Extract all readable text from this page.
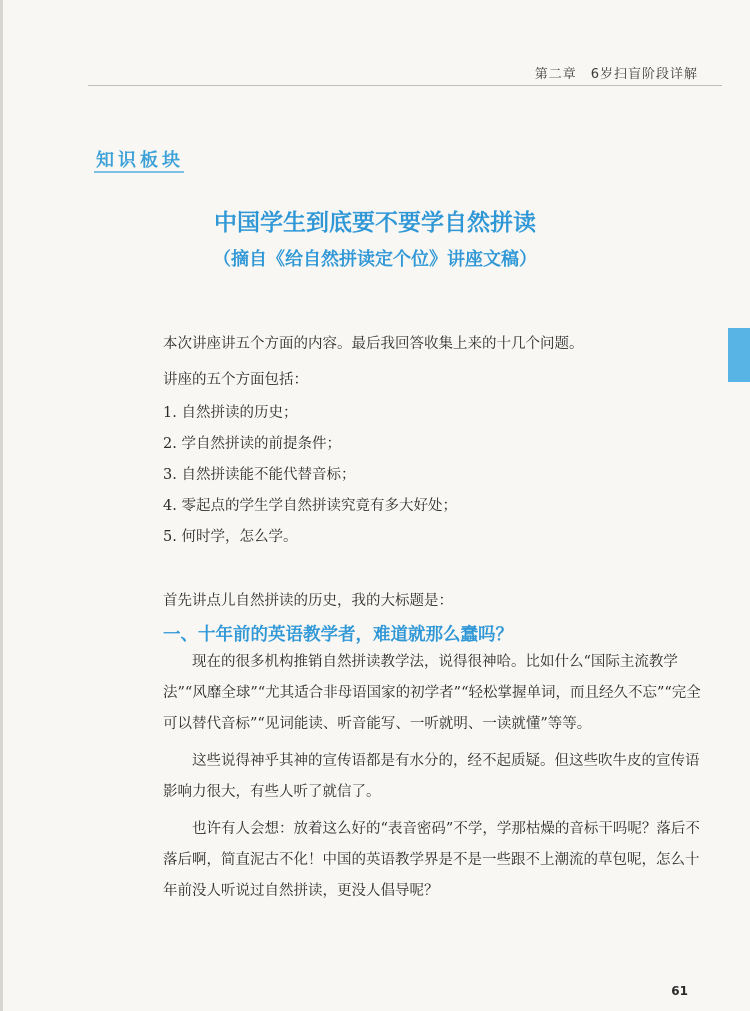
第二章　6岁扫盲阶段详解
知识板块
中国学生到底要不要学自然拼读
（摘自《给自然拼读定个位》讲座文稿）
本次讲座讲五个方面的内容。最后我回答收集上来的十几个问题。
讲座的五个方面包括：
1. 自然拼读的历史；
2. 学自然拼读的前提条件；
3. 自然拼读能不能代替音标；
4. 零起点的学生学自然拼读究竟有多大好处；
5. 何时学，怎么学。
首先讲点儿自然拼读的历史，我的大标题是：
一、十年前的英语教学者，难道就那么蠢吗？

现在的很多机构推销自然拼读教学法，说得很神哈。比如什么“国际主流教学法”“风靡全球”“尤其适合非母语国家的初学者”“轻松掌握单词，而且经久不忘”“完全可以替代音标”“见词能读、听音能写、一听就明、一读就懂”等等。

这些说得神乎其神的宣传语都是有水分的，经不起质疑。但这些吹牛皮的宣传语影响力很大，有些人听了就信了。

也许有人会想：放着这么好的“表音密码”不学，学那枯燥的音标干吗呢？落后不落后啊，简直泥古不化！中国的英语教学界是不是一些跟不上潮流的草包呢，怎么十年前没人听说过自然拼读，更没人倡导呢？

61
